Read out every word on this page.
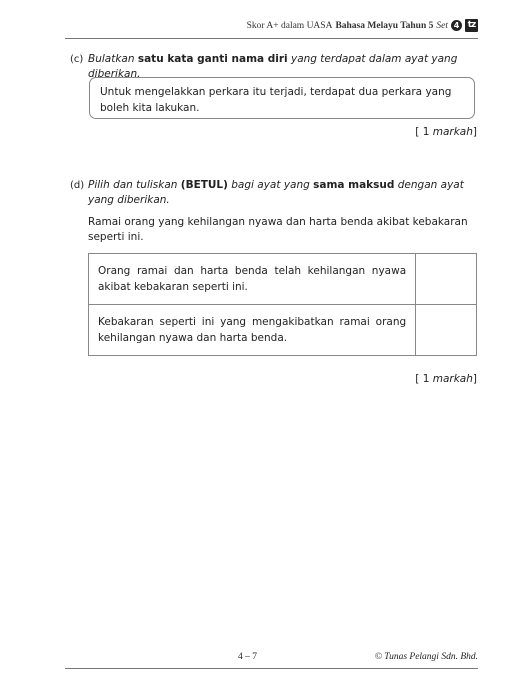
Skor A+ dalam UASA Bahasa Melayu Tahun 5 Set 4 tz
(c) Bulatkan satu kata ganti nama diri yang terdapat dalam ayat yang diberikan.
Untuk mengelakkan perkara itu terjadi, terdapat dua perkara yang boleh kita lakukan.
[ 1 markah]
(d) Pilih dan tuliskan (BETUL) bagi ayat yang sama maksud dengan ayat yang diberikan.
Ramai orang yang kehilangan nyawa dan harta benda akibat kebakaran seperti ini.
Orang ramai dan harta benda telah kehilangan nyawa akibat kebakaran seperti ini.	
Kebakaran seperti ini yang mengakibatkan ramai orang kehilangan nyawa dan harta benda.	
[ 1 markah]
4 – 7	© Tunas Pelangi Sdn. Bhd.
